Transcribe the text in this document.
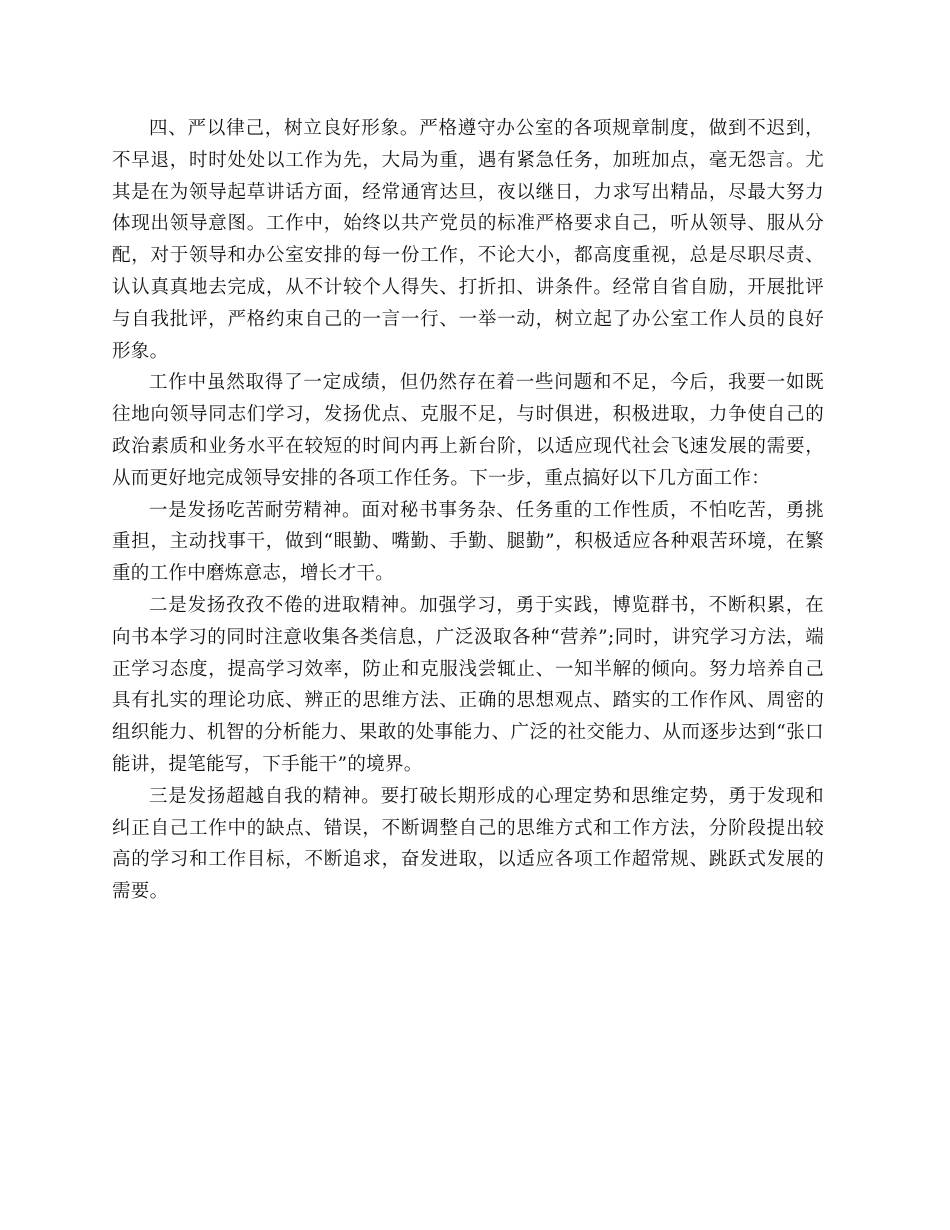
四、严以律己，树立良好形象。严格遵守办公室的各项规章制度，做到不迟到，不早退，时时处处以工作为先，大局为重，遇有紧急任务，加班加点，毫无怨言。尤其是在为领导起草讲话方面，经常通宵达旦，夜以继日，力求写出精品，尽最大努力体现出领导意图。工作中，始终以共产党员的标准严格要求自己，听从领导、服从分配，对于领导和办公室安排的每一份工作，不论大小，都高度重视，总是尽职尽责、认认真真地去完成，从不计较个人得失、打折扣、讲条件。经常自省自励，开展批评与自我批评，严格约束自己的一言一行、一举一动，树立起了办公室工作人员的良好形象。

工作中虽然取得了一定成绩，但仍然存在着一些问题和不足，今后，我要一如既往地向领导同志们学习，发扬优点、克服不足，与时俱进，积极进取，力争使自己的政治素质和业务水平在较短的时间内再上新台阶，以适应现代社会飞速发展的需要，从而更好地完成领导安排的各项工作任务。下一步，重点搞好以下几方面工作：

一是发扬吃苦耐劳精神。面对秘书事务杂、任务重的工作性质，不怕吃苦，勇挑重担，主动找事干，做到“眼勤、嘴勤、手勤、腿勤”，积极适应各种艰苦环境，在繁重的工作中磨炼意志，增长才干。

二是发扬孜孜不倦的进取精神。加强学习，勇于实践，博览群书，不断积累，在向书本学习的同时注意收集各类信息，广泛汲取各种“营养”;同时，讲究学习方法，端正学习态度，提高学习效率，防止和克服浅尝辄止、一知半解的倾向。努力培养自己具有扎实的理论功底、辨正的思维方法、正确的思想观点、踏实的工作作风、周密的组织能力、机智的分析能力、果敢的处事能力、广泛的社交能力、从而逐步达到“张口能讲，提笔能写，下手能干”的境界。

三是发扬超越自我的精神。要打破长期形成的心理定势和思维定势，勇于发现和纠正自己工作中的缺点、错误，不断调整自己的思维方式和工作方法，分阶段提出较高的学习和工作目标，不断追求，奋发进取，以适应各项工作超常规、跳跃式发展的需要。
